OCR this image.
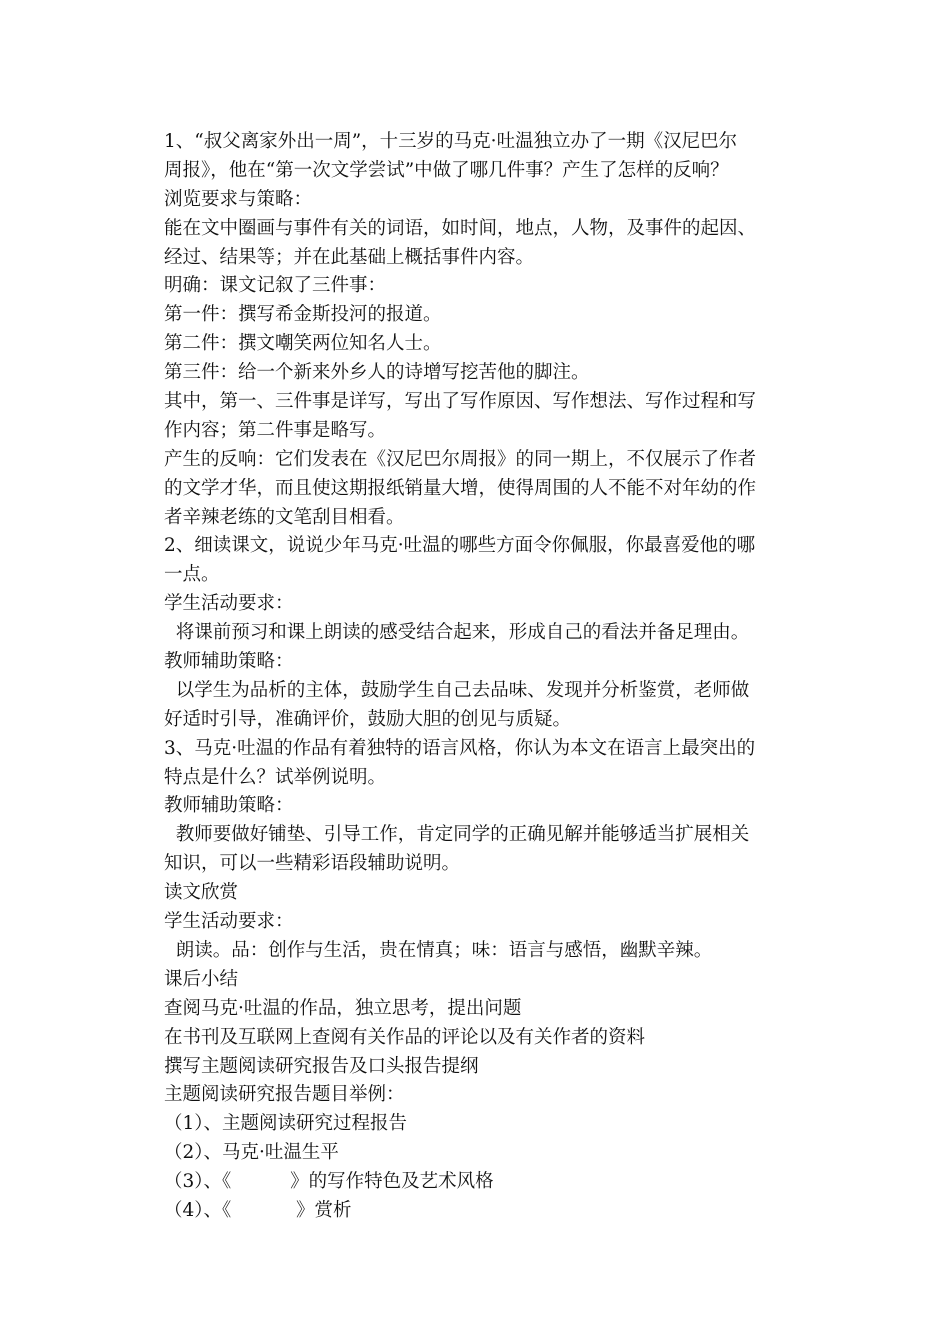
1、“叔父离家外出一周”，十三岁的马克·吐温独立办了一期《汉尼巴尔
周报》，他在“第一次文学尝试”中做了哪几件事？产生了怎样的反响？
浏览要求与策略：
能在文中圈画与事件有关的词语，如时间，地点，人物，及事件的起因、
经过、结果等；并在此基础上概括事件内容。
明确：课文记叙了三件事：
第一件：撰写希金斯投河的报道。
第二件：撰文嘲笑两位知名人士。
第三件：给一个新来外乡人的诗增写挖苦他的脚注。
其中，第一、三件事是详写，写出了写作原因、写作想法、写作过程和写
作内容；第二件事是略写。
产生的反响：它们发表在《汉尼巴尔周报》的同一期上，不仅展示了作者
的文学才华，而且使这期报纸销量大增，使得周围的人不能不对年幼的作
者辛辣老练的文笔刮目相看。
2、细读课文，说说少年马克·吐温的哪些方面令你佩服，你最喜爱他的哪
一点。
学生活动要求：
将课前预习和课上朗读的感受结合起来，形成自己的看法并备足理由。
教师辅助策略：
以学生为品析的主体，鼓励学生自己去品味、发现并分析鉴赏，老师做
好适时引导，准确评价，鼓励大胆的创见与质疑。
3、马克·吐温的作品有着独特的语言风格，你认为本文在语言上最突出的
特点是什么？试举例说明。
教师辅助策略：
教师要做好铺垫、引导工作，肯定同学的正确见解并能够适当扩展相关
知识，可以一些精彩语段辅助说明。
读文欣赏
学生活动要求：
朗读。品：创作与生活，贵在情真；味：语言与感悟，幽默辛辣。
课后小结
查阅马克·吐温的作品，独立思考，提出问题
在书刊及互联网上查阅有关作品的评论以及有关作者的资料
撰写主题阅读研究报告及口头报告提纲
主题阅读研究报告题目举例：
（1）、主题阅读研究过程报告
（2）、马克·吐温生平
（3）、《          》的写作特色及艺术风格
（4）、《           》赏析
